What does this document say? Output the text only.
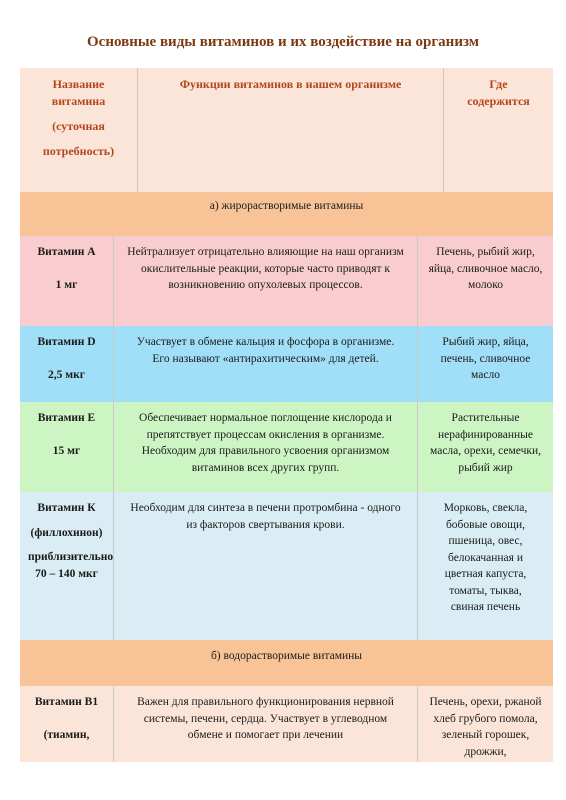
Основные виды витаминов и их воздействие на организм
Название
витамина

(суточная

потребность)
Функции витаминов в нашем организме	Где
содержится
а) жирорастворимые витамины
Витамин А

1 мг
Нейтрализует отрицательно влияющие на наш организм окислительные реакции, которые часто приводят к возникновению опухолевых процессов.
Печень, рыбий жир, яйца, сливочное масло, молоко
Витамин D

2,5 мкг
Участвует в обмене кальция и фосфора в организме. Его называют «антирахитическим» для детей.
Рыбий жир, яйца, печень, сливочное масло
Витамин Е

15 мг
Обеспечивает нормальное поглощение кислорода и препятствует процессам окисления в организме. Необходим для правильного усвоения организмом витаминов всех других групп.
Растительные нерафинированные масла, орехи, семечки, рыбий жир
Витамин К

(филлохинон)

приблизительно 70 – 140 мкг
Необходим для синтеза в печени протромбина - одного из факторов свертывания крови.
Морковь, свекла, бобовые овощи, пшеница, овес, белокачанная и цветная капуста, томаты, тыква, свиная печень
б) водорастворимые витамины
Витамин В1

(тиамин,
Важен для правильного функционирования нервной системы, печени, сердца. Участвует в углеводном обмене и помогает при лечении
Печень, орехи, ржаной хлеб грубого помола, зеленый горошек, дрожжи,
